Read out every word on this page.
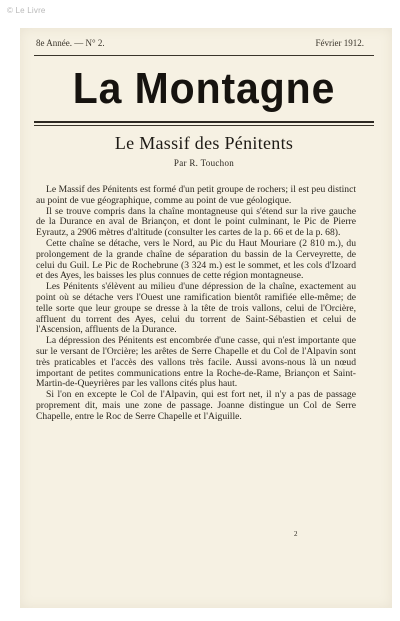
© Le Livre
8e Année. — N° 2.	Février 1912.
La Montagne
Le Massif des Pénitents
Par R. Touchon

Le Massif des Pénitents est formé d'un petit groupe de rochers; il est peu distinct au point de vue géographique, comme au point de vue géologique.

Il se trouve compris dans la chaîne montagneuse qui s'étend sur la rive gauche de la Durance en aval de Briançon, et dont le point culminant, le Pic de Pierre Eyrautz, a 2906 mètres d'altitude (consulter les cartes de la p. 66 et de la p. 68).

Cette chaîne se détache, vers le Nord, au Pic du Haut Mouriare (2 810 m.), du prolongement de la grande chaîne de séparation du bassin de la Cerveyrette, de celui du Guil. Le Pic de Rochebrune (3 324 m.) est le sommet, et les cols d'Izoard et des Ayes, les baisses les plus connues de cette région montagneuse.

Les Pénitents s'élèvent au milieu d'une dépression de la chaîne, exactement au point où se détache vers l'Ouest une ramification bientôt ramifiée elle-même; de telle sorte que leur groupe se dresse à la tête de trois vallons, celui de l'Orcière, affluent du torrent des Ayes, celui du torrent de Saint-Sébastien et celui de l'Ascension, affluents de la Durance.

La dépression des Pénitents est encombrée d'une casse, qui n'est importante que sur le versant de l'Orcière; les arêtes de Serre Chapelle et du Col de l'Alpavin sont très praticables et l'accès des vallons très facile. Aussi avons-nous là un nœud important de petites communications entre la Roche-de-Rame, Briançon et Saint-Martin-de-Queyrières par les vallons cités plus haut.

Si l'on en excepte le Col de l'Alpavin, qui est fort net, il n'y a pas de passage proprement dit, mais une zone de passage. Joanne distingue un Col de Serre Chapelle, entre le Roc de Serre Chapelle et l'Aiguille.

2
